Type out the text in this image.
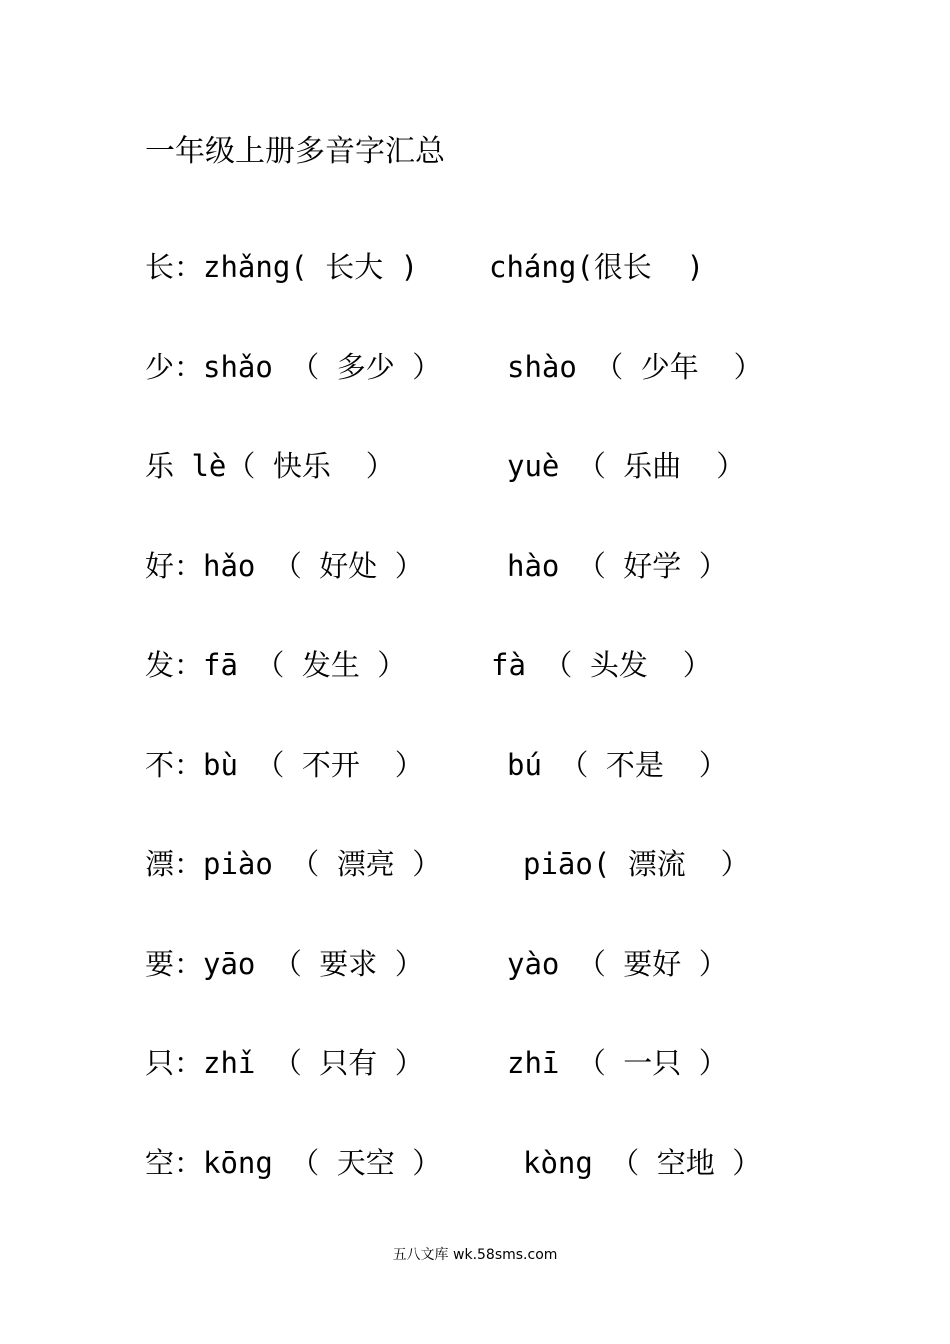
一年级上册多音字汇总
长：zhǎng( 长大 ) cháng(很长  )
少：shǎo （ 多少 ） shào （ 少年  ）
乐 lè（ 快乐  ）	yuè （ 乐曲  ）
好：hǎo （ 好处 ）	hào （ 好学 ）
发：fā （ 发生 ）	fà （ 头发  ）
不：bù （ 不开  ）	bú （ 不是  ）
漂：piào （ 漂亮 ）	piāo( 漂流  ）
要：yāo （ 要求 ）	yào （ 要好 ）
只：zhǐ （ 只有 ）	zhī （ 一只 ）
空：kōng （ 天空 ）	kòng （ 空地 ）
五八文库 wk.58sms.com
